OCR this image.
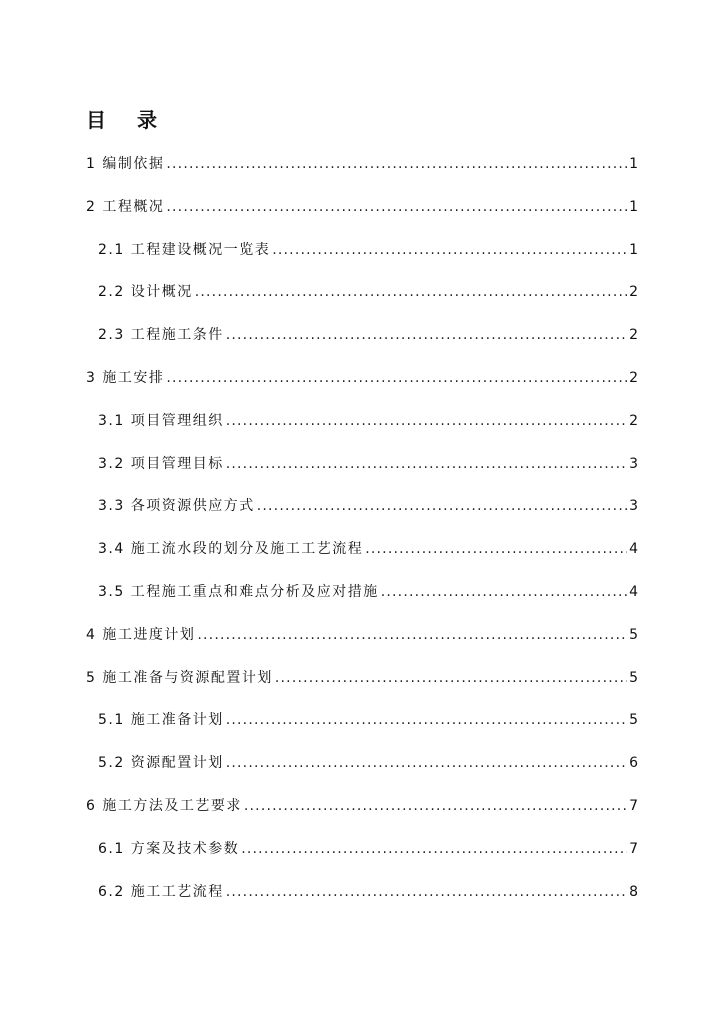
目 录
1 编制依据 .....	1
2 工程概况 .....	1
2.1 工程建设概况一览表 .....	1
2.2 设计概况 .....	2
2.3 工程施工条件 .....	2
3 施工安排 .....	2
3.1 项目管理组织 .....	2
3.2 项目管理目标 .....	3
3.3 各项资源供应方式 .....	3
3.4 施工流水段的划分及施工工艺流程 .....	4
3.5 工程施工重点和难点分析及应对措施 .....	4
4 施工进度计划 .....	5
5 施工准备与资源配置计划 .....	5
5.1 施工准备计划 .....	5
5.2 资源配置计划 .....	6
6 施工方法及工艺要求 .....	7
6.1 方案及技术参数 .....	7
6.2 施工工艺流程 .....	8
